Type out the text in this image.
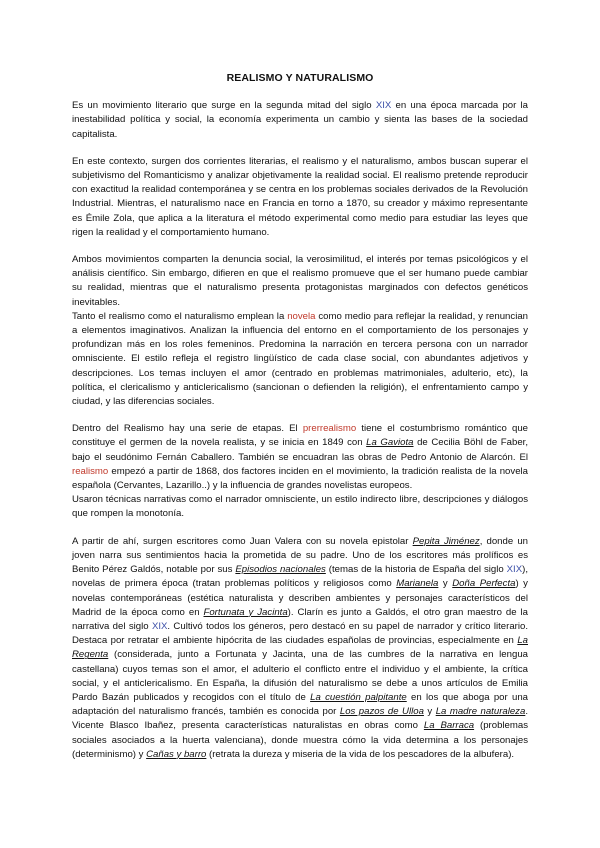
REALISMO Y NATURALISMO

Es un movimiento literario que surge en la segunda mitad del siglo XIX en una época marcada por la inestabilidad política y social, la economía experimenta un cambio y sienta las bases de la sociedad capitalista.

En este contexto, surgen dos corrientes literarias, el realismo y el naturalismo, ambos buscan superar el subjetivismo del Romanticismo y analizar objetivamente la realidad social. El realismo pretende reproducir con exactitud la realidad contemporánea y se centra en los problemas sociales derivados de la Revolución Industrial. Mientras, el naturalismo nace en Francia en torno a 1870, su creador y máximo representante es Émile Zola, que aplica a la literatura el método experimental como medio para estudiar las leyes que rigen la realidad y el comportamiento humano.

Ambos movimientos comparten la denuncia social, la verosimilitud, el interés por temas psicológicos y el análisis científico. Sin embargo, difieren en que el realismo promueve que el ser humano puede cambiar su realidad, mientras que el naturalismo presenta protagonistas marginados con defectos genéticos inevitables.

Tanto el realismo como el naturalismo emplean la novela como medio para reflejar la realidad, y renuncian a elementos imaginativos. Analizan la influencia del entorno en el comportamiento de los personajes y profundizan más en los roles femeninos. Predomina la narración en tercera persona con un narrador omnisciente. El estilo refleja el registro lingüístico de cada clase social, con abundantes adjetivos y descripciones. Los temas incluyen el amor (centrado en problemas matrimoniales, adulterio, etc), la política, el clericalismo y anticlericalismo (sancionan o defienden la religión), el enfrentamiento campo y ciudad, y las diferencias sociales.

Dentro del Realismo hay una serie de etapas. El prerrealismo tiene el costumbrismo romántico que constituye el germen de la novela realista, y se inicia en 1849 con La Gaviota de Cecilia Böhl de Faber, bajo el seudónimo Fernán Caballero. También se encuadran las obras de Pedro Antonio de Alarcón. El realismo empezó a partir de 1868, dos factores inciden en el movimiento, la tradición realista de la novela española (Cervantes, Lazarillo..) y la influencia de grandes novelistas europeos.

Usaron técnicas narrativas como el narrador omnisciente, un estilo indirecto libre, descripciones y diálogos que rompen la monotonía.

A partir de ahí, surgen escritores como Juan Valera con su novela epistolar Pepita Jiménez, donde un joven narra sus sentimientos hacia la prometida de su padre. Uno de los escritores más prolíficos es Benito Pérez Galdós, notable por sus Episodios nacionales (temas de la historia de España del siglo XIX), novelas de primera época (tratan problemas políticos y religiosos como Marianela y Doña Perfecta) y novelas contemporáneas (estética naturalista y describen ambientes y personajes característicos del Madrid de la época como en Fortunata y Jacinta). Clarín es junto a Galdós, el otro gran maestro de la narrativa del siglo XIX. Cultivó todos los géneros, pero destacó en su papel de narrador y crítico literario. Destaca por retratar el ambiente hipócrita de las ciudades españolas de provincias, especialmente en La Regenta (considerada, junto a Fortunata y Jacinta, una de las cumbres de la narrativa en lengua castellana) cuyos temas son el amor, el adulterio el conflicto entre el individuo y el ambiente, la crítica social, y el anticlericalismo. En España, la difusión del naturalismo se debe a unos artículos de Emilia Pardo Bazán publicados y recogidos con el título de La cuestión palpitante en los que aboga por una adaptación del naturalismo francés, también es conocida por Los pazos de Ulloa y La madre naturaleza. Vicente Blasco Ibañez, presenta características naturalistas en obras como La Barraca (problemas sociales asociados a la huerta valenciana), donde muestra cómo la vida determina a los personajes (determinismo) y Cañas y barro (retrata la dureza y miseria de la vida de los pescadores de la albufera).
